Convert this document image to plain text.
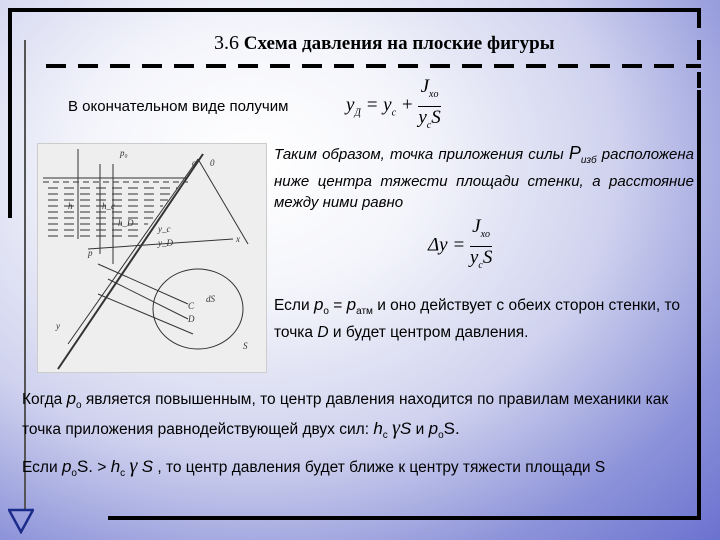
3.6 Схема давления на плоские фигуры
В окончательном виде получим	$y_Д = y_c + \frac{J_{xo}}{y_cS}$
p₀
α 0
h	h_c
h_D
y_c
y_D	x
p
C
D
dS
y
S
Таким образом, точка приложения силы $P_{изб}$ расположена ниже центра тяжести площади стенки, а расстояние между ними равно
$\Delta y = \frac{J_{xo}}{y_cS}$
Если $p_o = p_{атм}$ и оно действует с обеих сторон стенки, то точка D и будет центром давления.
Когда $p_o$ является повышенным, то центр давления находится по правилам механики как точка приложения равнодействующей двух сил: $h_c$ γS и $p_oS$.
Если $p_oS$. > $h_c$ γ S , то центр давления будет ближе к центру тяжести площади S
